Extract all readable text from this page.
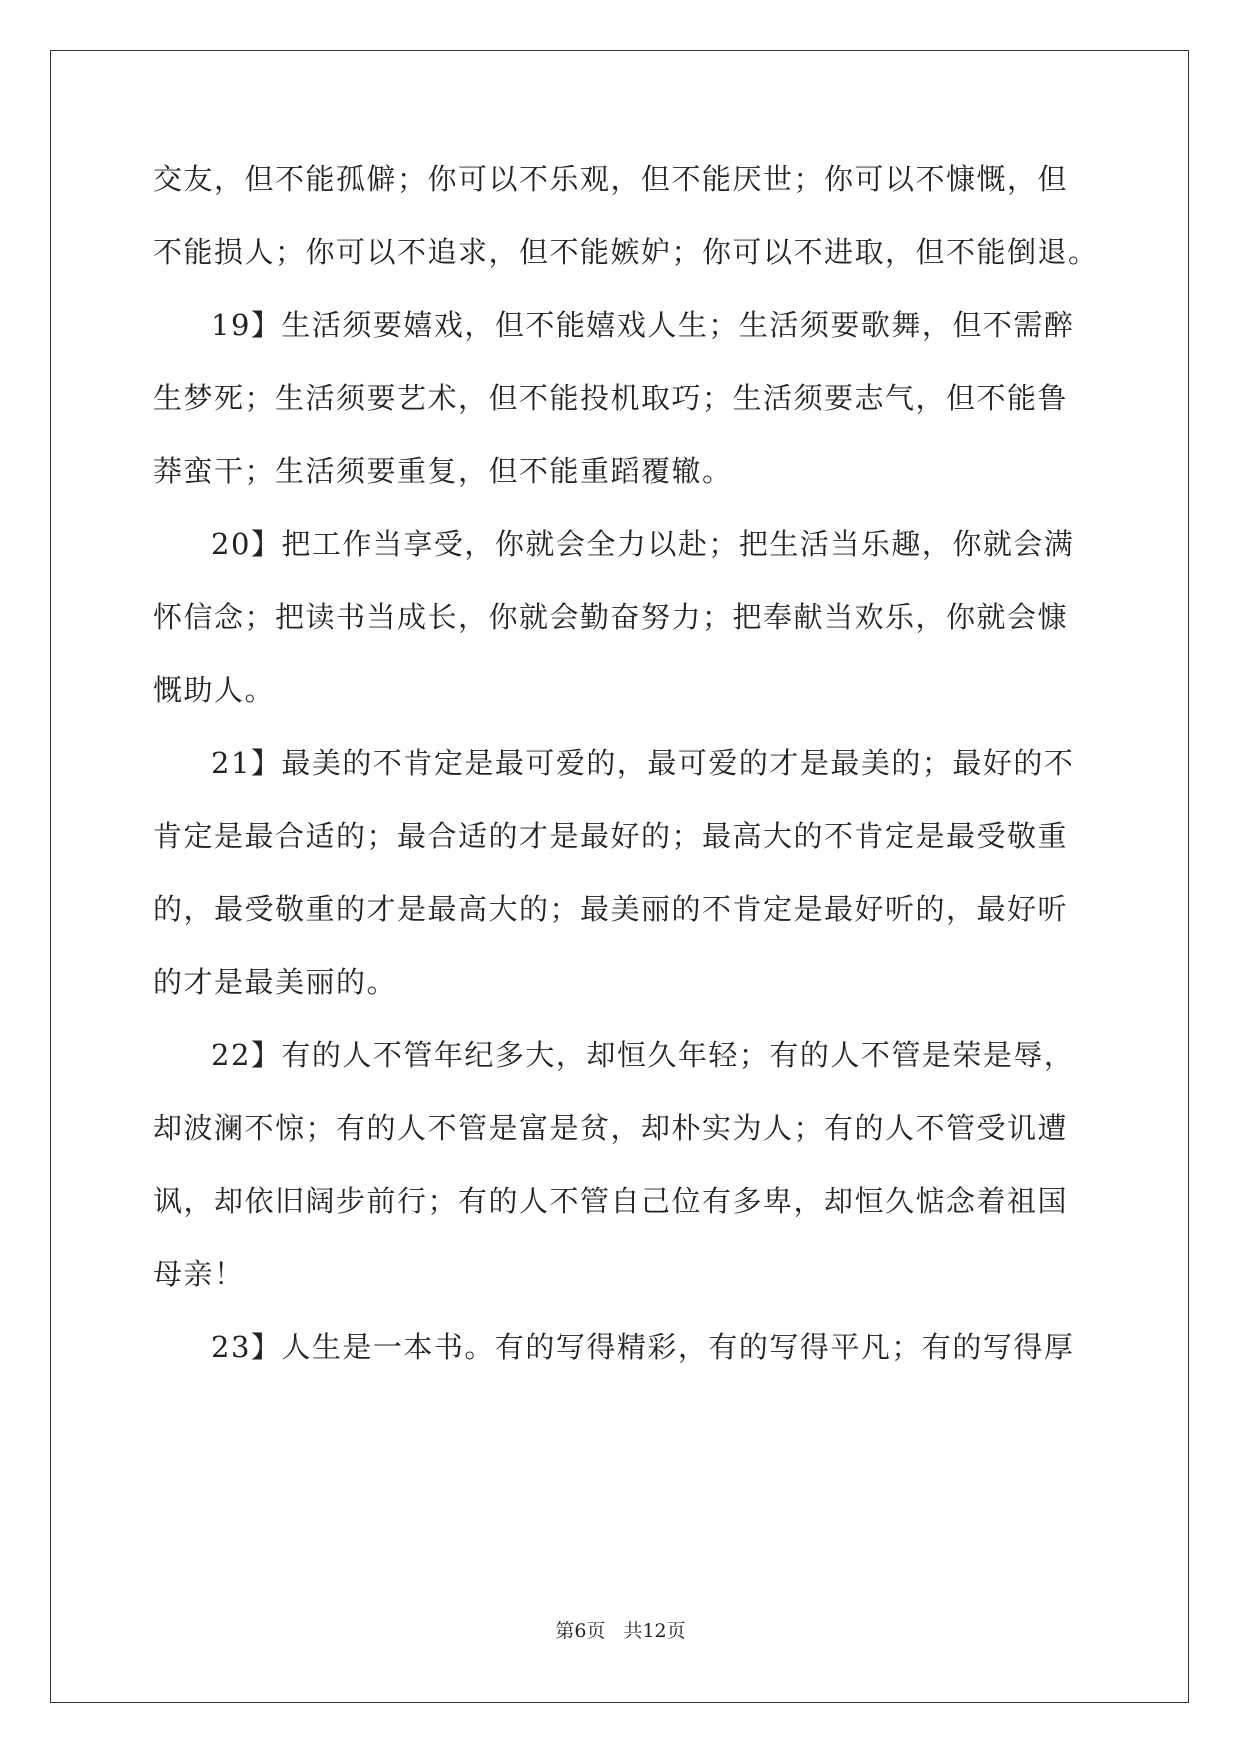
交友，但不能孤僻；你可以不乐观，但不能厌世；你可以不慷慨，但
不能损人；你可以不追求，但不能嫉妒；你可以不进取，但不能倒退。
19】生活须要嬉戏，但不能嬉戏人生；生活须要歌舞，但不需醉
生梦死；生活须要艺术，但不能投机取巧；生活须要志气，但不能鲁
莽蛮干；生活须要重复，但不能重蹈覆辙。
20】把工作当享受，你就会全力以赴；把生活当乐趣，你就会满
怀信念；把读书当成长，你就会勤奋努力；把奉献当欢乐，你就会慷
慨助人。
21】最美的不肯定是最可爱的，最可爱的才是最美的；最好的不
肯定是最合适的；最合适的才是最好的；最高大的不肯定是最受敬重
的，最受敬重的才是最高大的；最美丽的不肯定是最好听的，最好听
的才是最美丽的。
22】有的人不管年纪多大，却恒久年轻；有的人不管是荣是辱，
却波澜不惊；有的人不管是富是贫，却朴实为人；有的人不管受讥遭
讽，却依旧阔步前行；有的人不管自己位有多卑，却恒久惦念着祖国
母亲！
23】人生是一本书。有的写得精彩，有的写得平凡；有的写得厚
第6页 共12页
